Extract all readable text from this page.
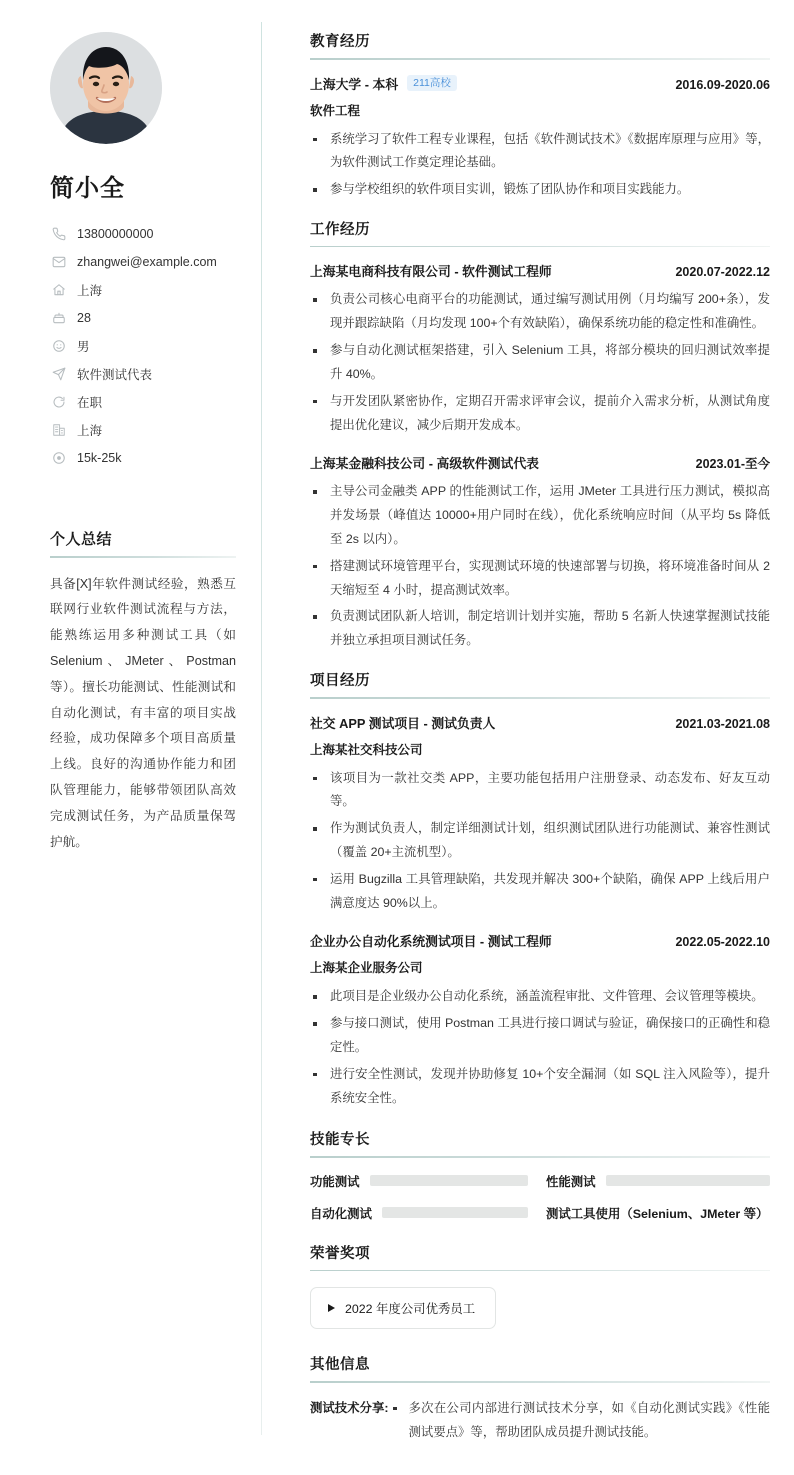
简小全
13800000000
zhangwei@example.com
上海
28
男
软件测试代表
在职
上海
15k-25k
个人总结

具备[X]年软件测试经验，熟悉互联网行业软件测试流程与方法，能熟练运用多种测试工具（如 Selenium、JMeter、Postman 等）。擅长功能测试、性能测试和自动化测试，有丰富的项目实战经验，成功保障多个项目高质量上线。良好的沟通协作能力和团队管理能力，能够带领团队高效完成测试任务，为产品质量保驾护航。

教育经历
上海大学 - 本科	211高校	2016.09-2020.06
软件工程
系统学习了软件工程专业课程，包括《软件测试技术》《数据库原理与应用》等，为软件测试工作奠定理论基础。
参与学校组织的软件项目实训，锻炼了团队协作和项目实践能力。
工作经历
上海某电商科技有限公司 - 软件测试工程师	2020.07-2022.12
负责公司核心电商平台的功能测试，通过编写测试用例（月均编写 200+条），发现并跟踪缺陷（月均发现 100+个有效缺陷），确保系统功能的稳定性和准确性。
参与自动化测试框架搭建，引入 Selenium 工具，将部分模块的回归测试效率提升 40%。
与开发团队紧密协作，定期召开需求评审会议，提前介入需求分析，从测试角度提出优化建议，减少后期开发成本。
上海某金融科技公司 - 高级软件测试代表	2023.01-至今
主导公司金融类 APP 的性能测试工作，运用 JMeter 工具进行压力测试，模拟高并发场景（峰值达 10000+用户同时在线），优化系统响应时间（从平均 5s 降低至 2s 以内）。
搭建测试环境管理平台，实现测试环境的快速部署与切换，将环境准备时间从 2 天缩短至 4 小时，提高测试效率。
负责测试团队新人培训，制定培训计划并实施，帮助 5 名新人快速掌握测试技能并独立承担项目测试任务。
项目经历
社交 APP 测试项目 - 测试负责人	2021.03-2021.08
上海某社交科技公司
该项目为一款社交类 APP，主要功能包括用户注册登录、动态发布、好友互动等。
作为测试负责人，制定详细测试计划，组织测试团队进行功能测试、兼容性测试（覆盖 20+主流机型）。
运用 Bugzilla 工具管理缺陷，共发现并解决 300+个缺陷，确保 APP 上线后用户满意度达 90%以上。
企业办公自动化系统测试项目 - 测试工程师	2022.05-2022.10
上海某企业服务公司
此项目是企业级办公自动化系统，涵盖流程审批、文件管理、会议管理等模块。
参与接口测试，使用 Postman 工具进行接口调试与验证，确保接口的正确性和稳定性。
进行安全性测试，发现并协助修复 10+个安全漏洞（如 SQL 注入风险等），提升系统安全性。
技能专长
功能测试	性能测试
自动化测试	测试工具使用（Selenium、JMeter 等）
荣誉奖项
2022 年度公司优秀员工
其他信息
测试技术分享:	多次在公司内部进行测试技术分享，如《自动化测试实践》《性能测试要点》等，帮助团队成员提升测试技能。
